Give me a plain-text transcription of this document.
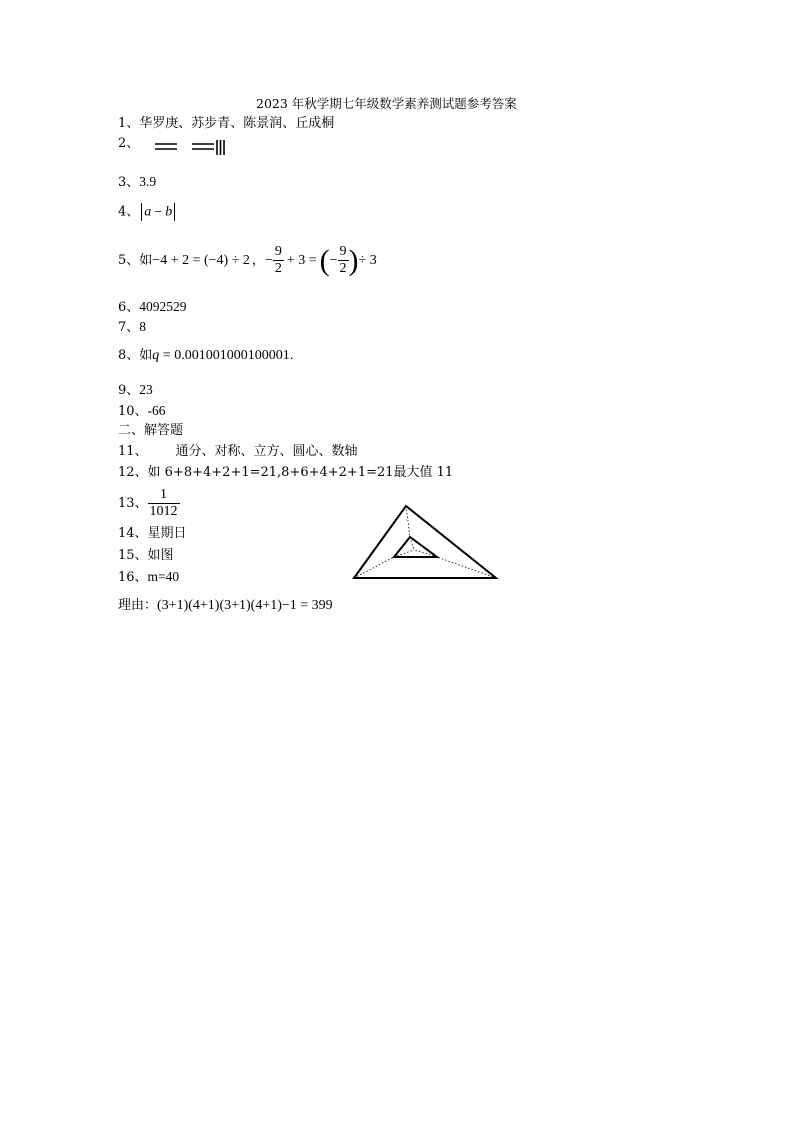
2023 年秋学期七年级数学素养测试题参考答案
1、华罗庚、苏步青、陈景润、丘成桐
2、
3、3.9
4、 a − b
5、 如 −4 + 2 = (−4) ÷ 2 ， − $\frac{9}{2} + 3$ = ( − $\frac{9}{2}$ ) ÷ 3
6、4092529
7、8
8、如q = 0.001001000100001.
9、23
10、-66
二、解答题
11、 通分、对称、立方、圆心、数轴
12、如 6+8+4+2+1=21,8+6+4+2+1=21最大值 11
13、 $\frac{1}{1012}$
14、星期日
15、如图
16、m=40
理由：(3+1)(4+1)(3+1)(4+1)−1 = 399
